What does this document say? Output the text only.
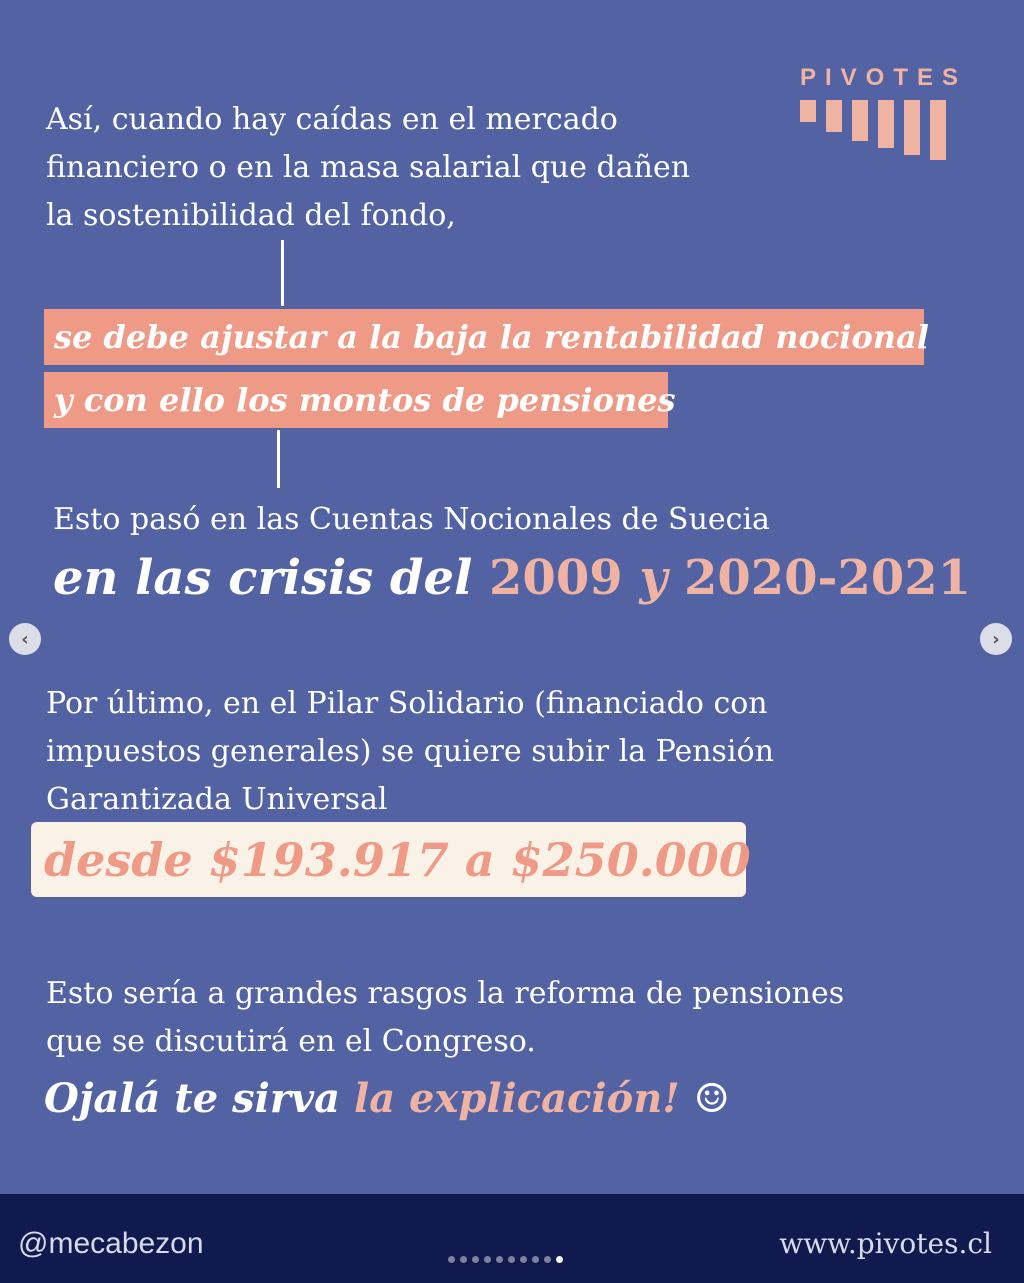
PIVOTES
Así, cuando hay caídas en el mercado
financiero o en la masa salarial que dañen
la sostenibilidad del fondo,
se debe ajustar a la baja la rentabilidad nocional
y con ello los montos de pensiones
Esto pasó en las Cuentas Nocionales de Suecia
en las crisis del 2009 y 2020-2021
‹	›
Por último, en el Pilar Solidario (financiado con
impuestos generales) se quiere subir la Pensión
Garantizada Universal
desde $193.917 a $250.000
Esto sería a grandes rasgos la reforma de pensiones
que se discutirá en el Congreso.
Ojalá te sirva la explicación! ☺
@mecabezon	www.pivotes.cl
